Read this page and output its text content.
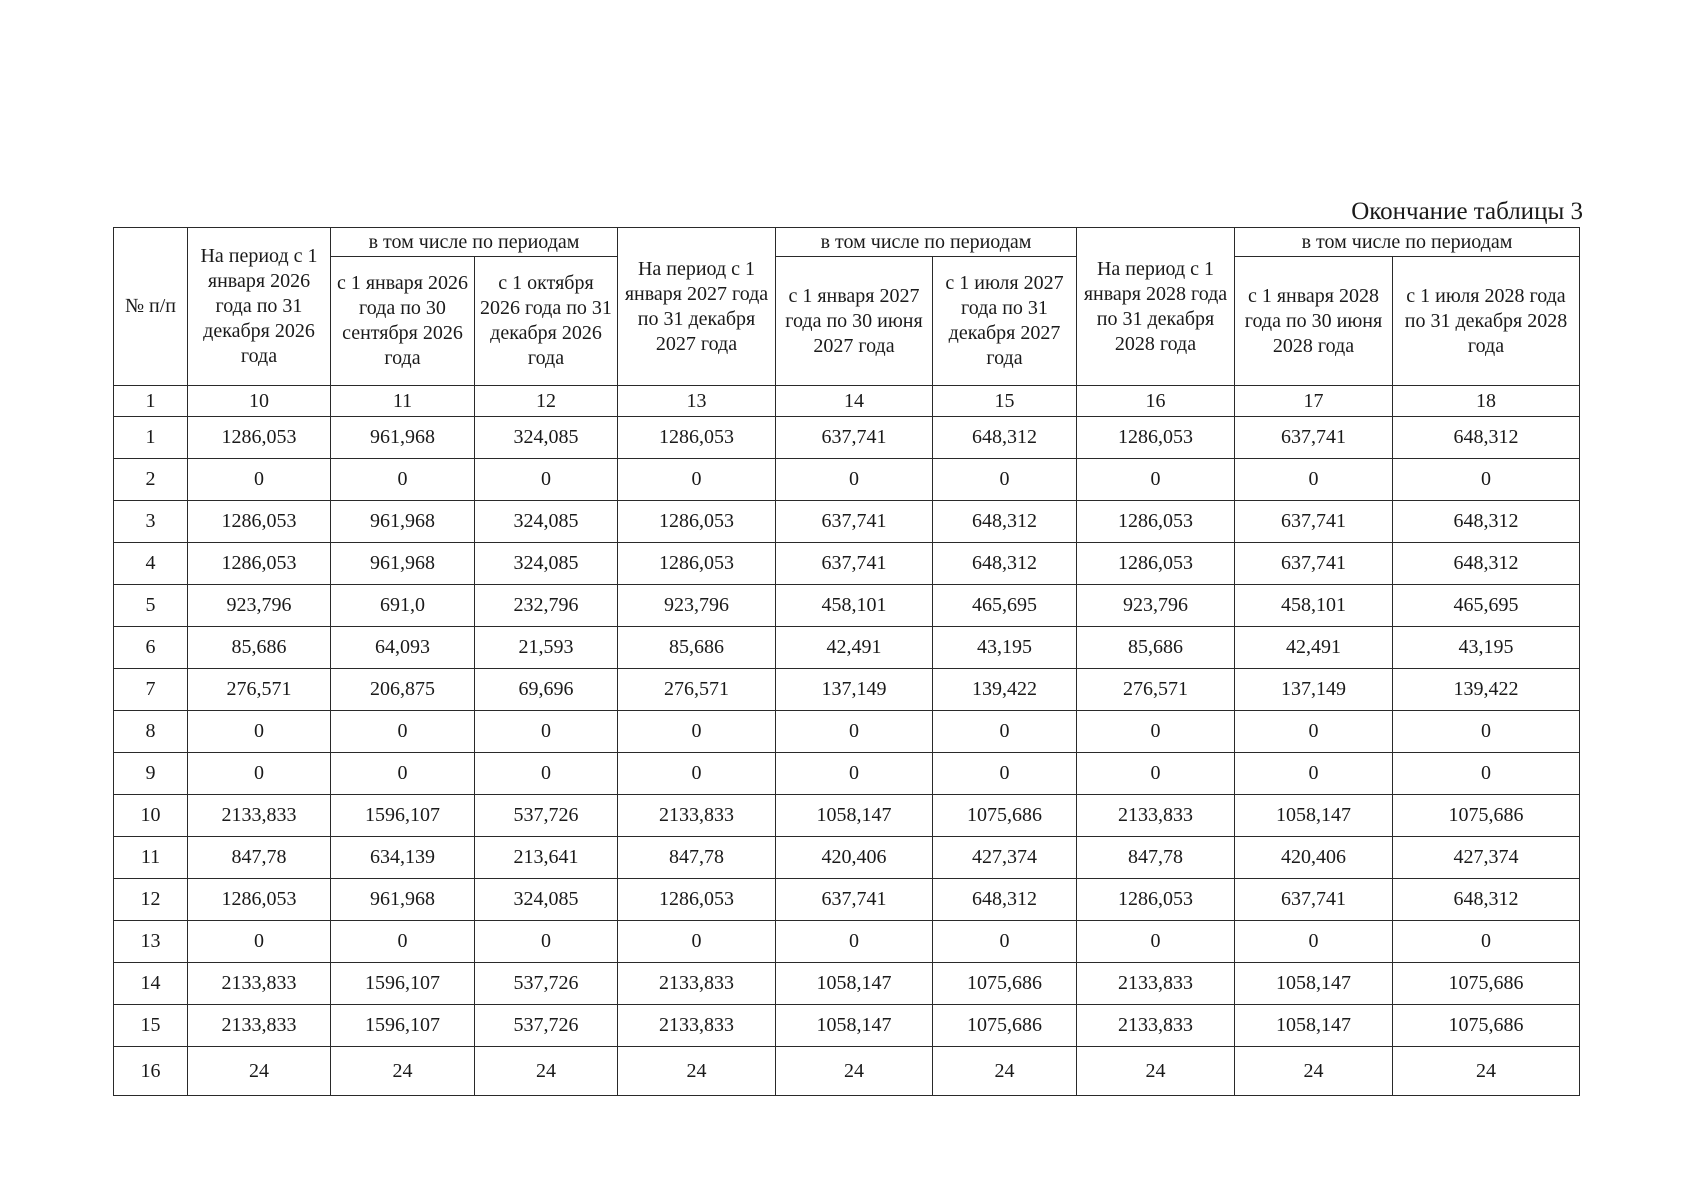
Окончание таблицы 3
№ п/п	На период с 1 января 2026 года по 31 декабря 2026 года	в том числе по периодам		На период с 1 января 2027 года по 31 декабря 2027 года	в том числе по периодам		На период с 1 января 2028 года по 31 декабря 2028 года	в том числе по периодам	
		с 1 января 2026 года по 30 сентября 2026 года	с 1 октября 2026 года по 31 декабря 2026 года		с 1 января 2027 года по 30 июня 2027 года	с 1 июля 2027 года по 31 декабря 2027 года		с 1 января 2028 года по 30 июня 2028 года	с 1 июля 2028 года по 31 декабря 2028 года
1	10	11	12	13	14	15	16	17	18
1	1286,053	961,968	324,085	1286,053	637,741	648,312	1286,053	637,741	648,312
2	0	0	0	0	0	0	0	0	0
3	1286,053	961,968	324,085	1286,053	637,741	648,312	1286,053	637,741	648,312
4	1286,053	961,968	324,085	1286,053	637,741	648,312	1286,053	637,741	648,312
5	923,796	691,0	232,796	923,796	458,101	465,695	923,796	458,101	465,695
6	85,686	64,093	21,593	85,686	42,491	43,195	85,686	42,491	43,195
7	276,571	206,875	69,696	276,571	137,149	139,422	276,571	137,149	139,422
8	0	0	0	0	0	0	0	0	0
9	0	0	0	0	0	0	0	0	0
10	2133,833	1596,107	537,726	2133,833	1058,147	1075,686	2133,833	1058,147	1075,686
11	847,78	634,139	213,641	847,78	420,406	427,374	847,78	420,406	427,374
12	1286,053	961,968	324,085	1286,053	637,741	648,312	1286,053	637,741	648,312
13	0	0	0	0	0	0	0	0	0
14	2133,833	1596,107	537,726	2133,833	1058,147	1075,686	2133,833	1058,147	1075,686
15	2133,833	1596,107	537,726	2133,833	1058,147	1075,686	2133,833	1058,147	1075,686
16	24	24	24	24	24	24	24	24	24
